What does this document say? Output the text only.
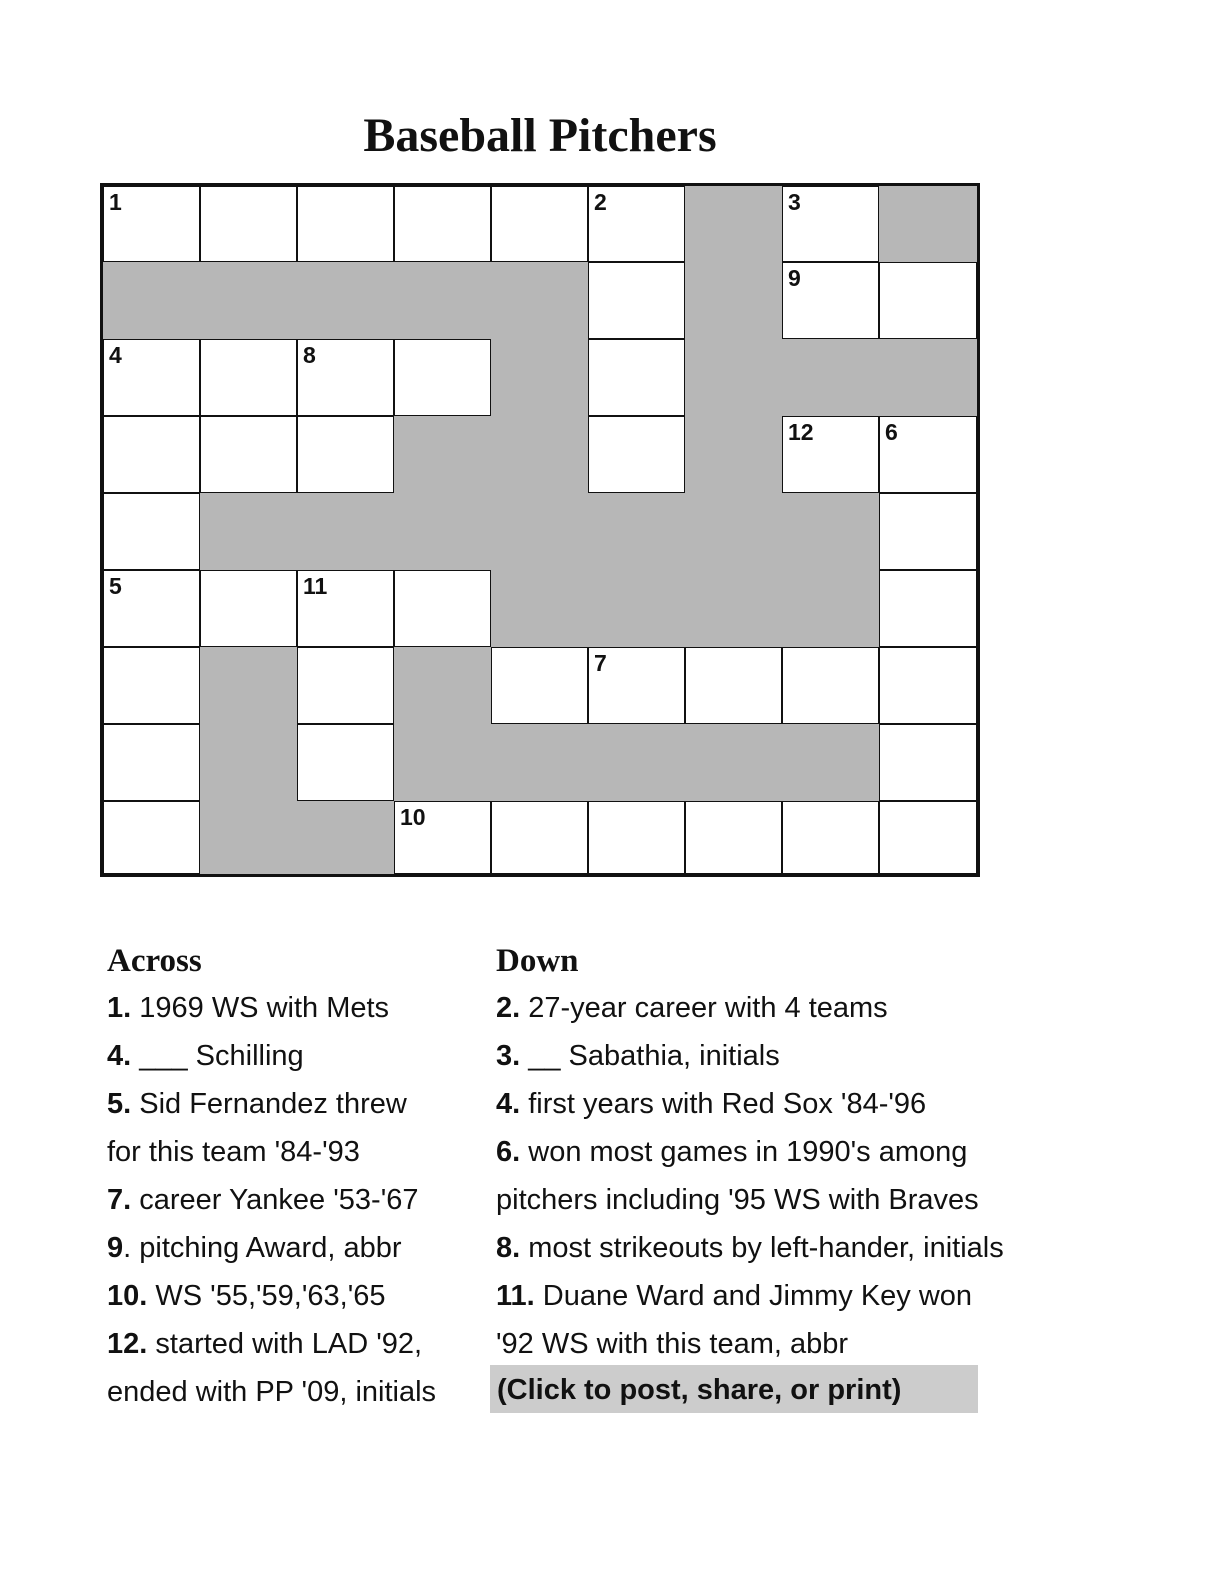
Baseball Pitchers
1	2	3
9
4	8
12	6
5	11
7
10
Across

1. 1969 WS with Mets

4. ___ Schilling

5. Sid Fernandez threw

for this team '84-'93

7. career Yankee '53-'67

9. pitching Award, abbr

10. WS '55,'59,'63,'65

12. started with LAD '92,

ended with PP '09, initials

Down

2. 27-year career with 4 teams

3. __ Sabathia, initials

4. first years with Red Sox '84-'96

6. won most games in 1990's among

pitchers including '95 WS with Braves

8. most strikeouts by left-hander, initials

11. Duane Ward and Jimmy Key won

'92 WS with this team, abbr

(Click to post, share, or print)
